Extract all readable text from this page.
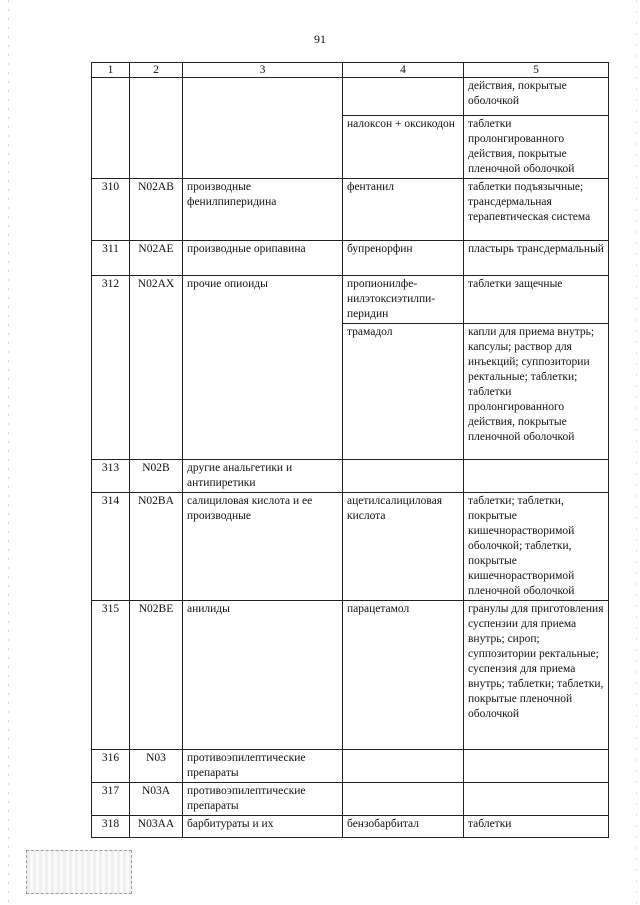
91
1	2	3	4	5
				действия, покрытые оболочкой
			налоксон + оксикодон	таблетки пролонгированного действия, покрытые пленочной оболочкой
310	N02AB	производные фенилпиперидина	фентанил	таблетки подъязычные; трансдермальная терапевтическая система
311	N02AE	производные орипавина	бупренорфин	пластырь трансдермальный
312	N02AX	прочие опиоиды	пропионилфе-нилэтоксиэтилпи-перидин	таблетки защечные
			трамадол	капли для приема внутрь; капсулы; раствор для инъекций; суппозитории ректальные; таблетки; таблетки пролонгированного действия, покрытые пленочной оболочкой
313	N02B	другие анальгетики и антипиретики		
314	N02BA	салициловая кислота и ее производные	ацетилсалициловая кислота	таблетки; таблетки, покрытые кишечнорастворимой оболочкой; таблетки, покрытые кишечнорастворимой пленочной оболочкой
315	N02BE	анилиды	парацетамол	гранулы для приготовления суспензии для приема внутрь; сироп; суппозитории ректальные; суспензия для приема внутрь; таблетки; таблетки, покрытые пленочной оболочкой
316	N03	противоэпилептические препараты		
317	N03A	противоэпилептические препараты		
318	N03AA	барбитураты и их	бензобарбитал	таблетки
